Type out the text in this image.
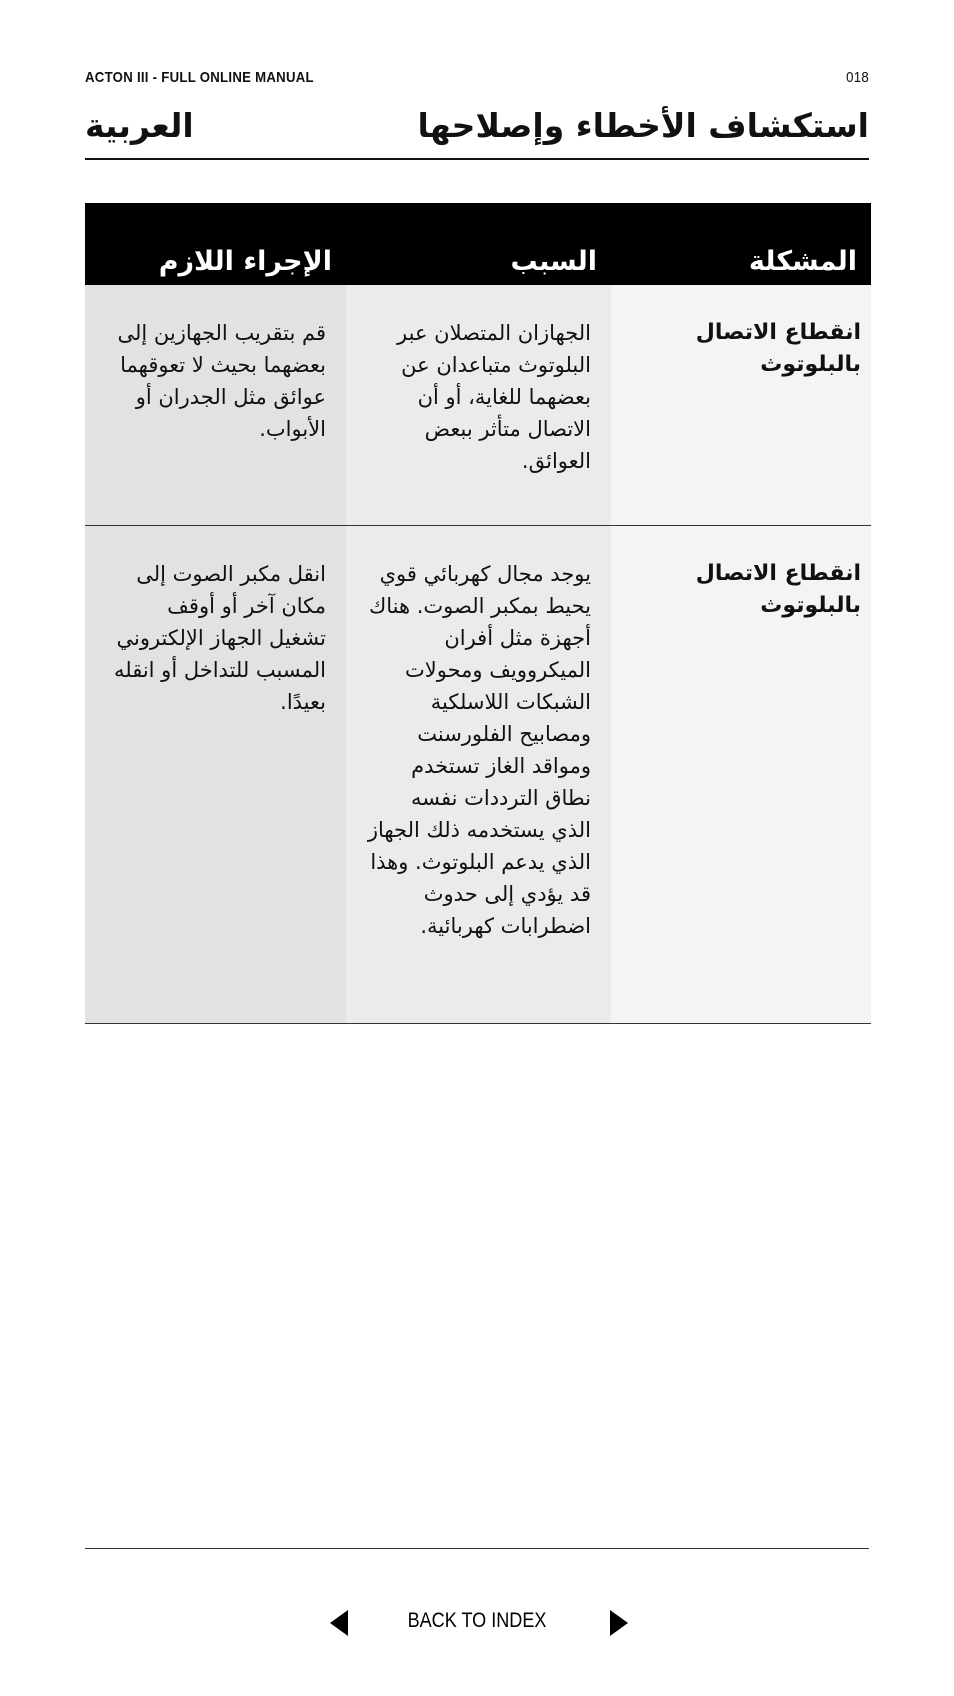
ACTON III - FULL ONLINE MANUAL	018
استكشاف الأخطاء وإصلاحها
العربية
المشكلة	السبب	الإجراء اللازم
انقطاع الاتصال بالبلوتوث	الجهازان المتصلان عبر البلوتوث متباعدان عن بعضهما للغاية، أو أن الاتصال متأثر ببعض العوائق.	قم بتقريب الجهازين إلى بعضهما بحيث لا تعوقهما عوائق مثل الجدران أو الأبواب.
انقطاع الاتصال بالبلوتوث	يوجد مجال كهربائي قوي يحيط بمكبر الصوت. هناك أجهزة مثل أفران الميكروويف ومحولات الشبكات اللاسلكية ومصابيح الفلورسنت ومواقد الغاز تستخدم نطاق الترددات نفسه الذي يستخدمه ذلك الجهاز الذي يدعم البلوتوث. وهذا قد يؤدي إلى حدوث اضطرابات كهربائية.	انقل مكبر الصوت إلى مكان آخر أو أوقف تشغيل الجهاز الإلكتروني المسبب للتداخل أو انقله بعيدًا.
BACK TO INDEX
